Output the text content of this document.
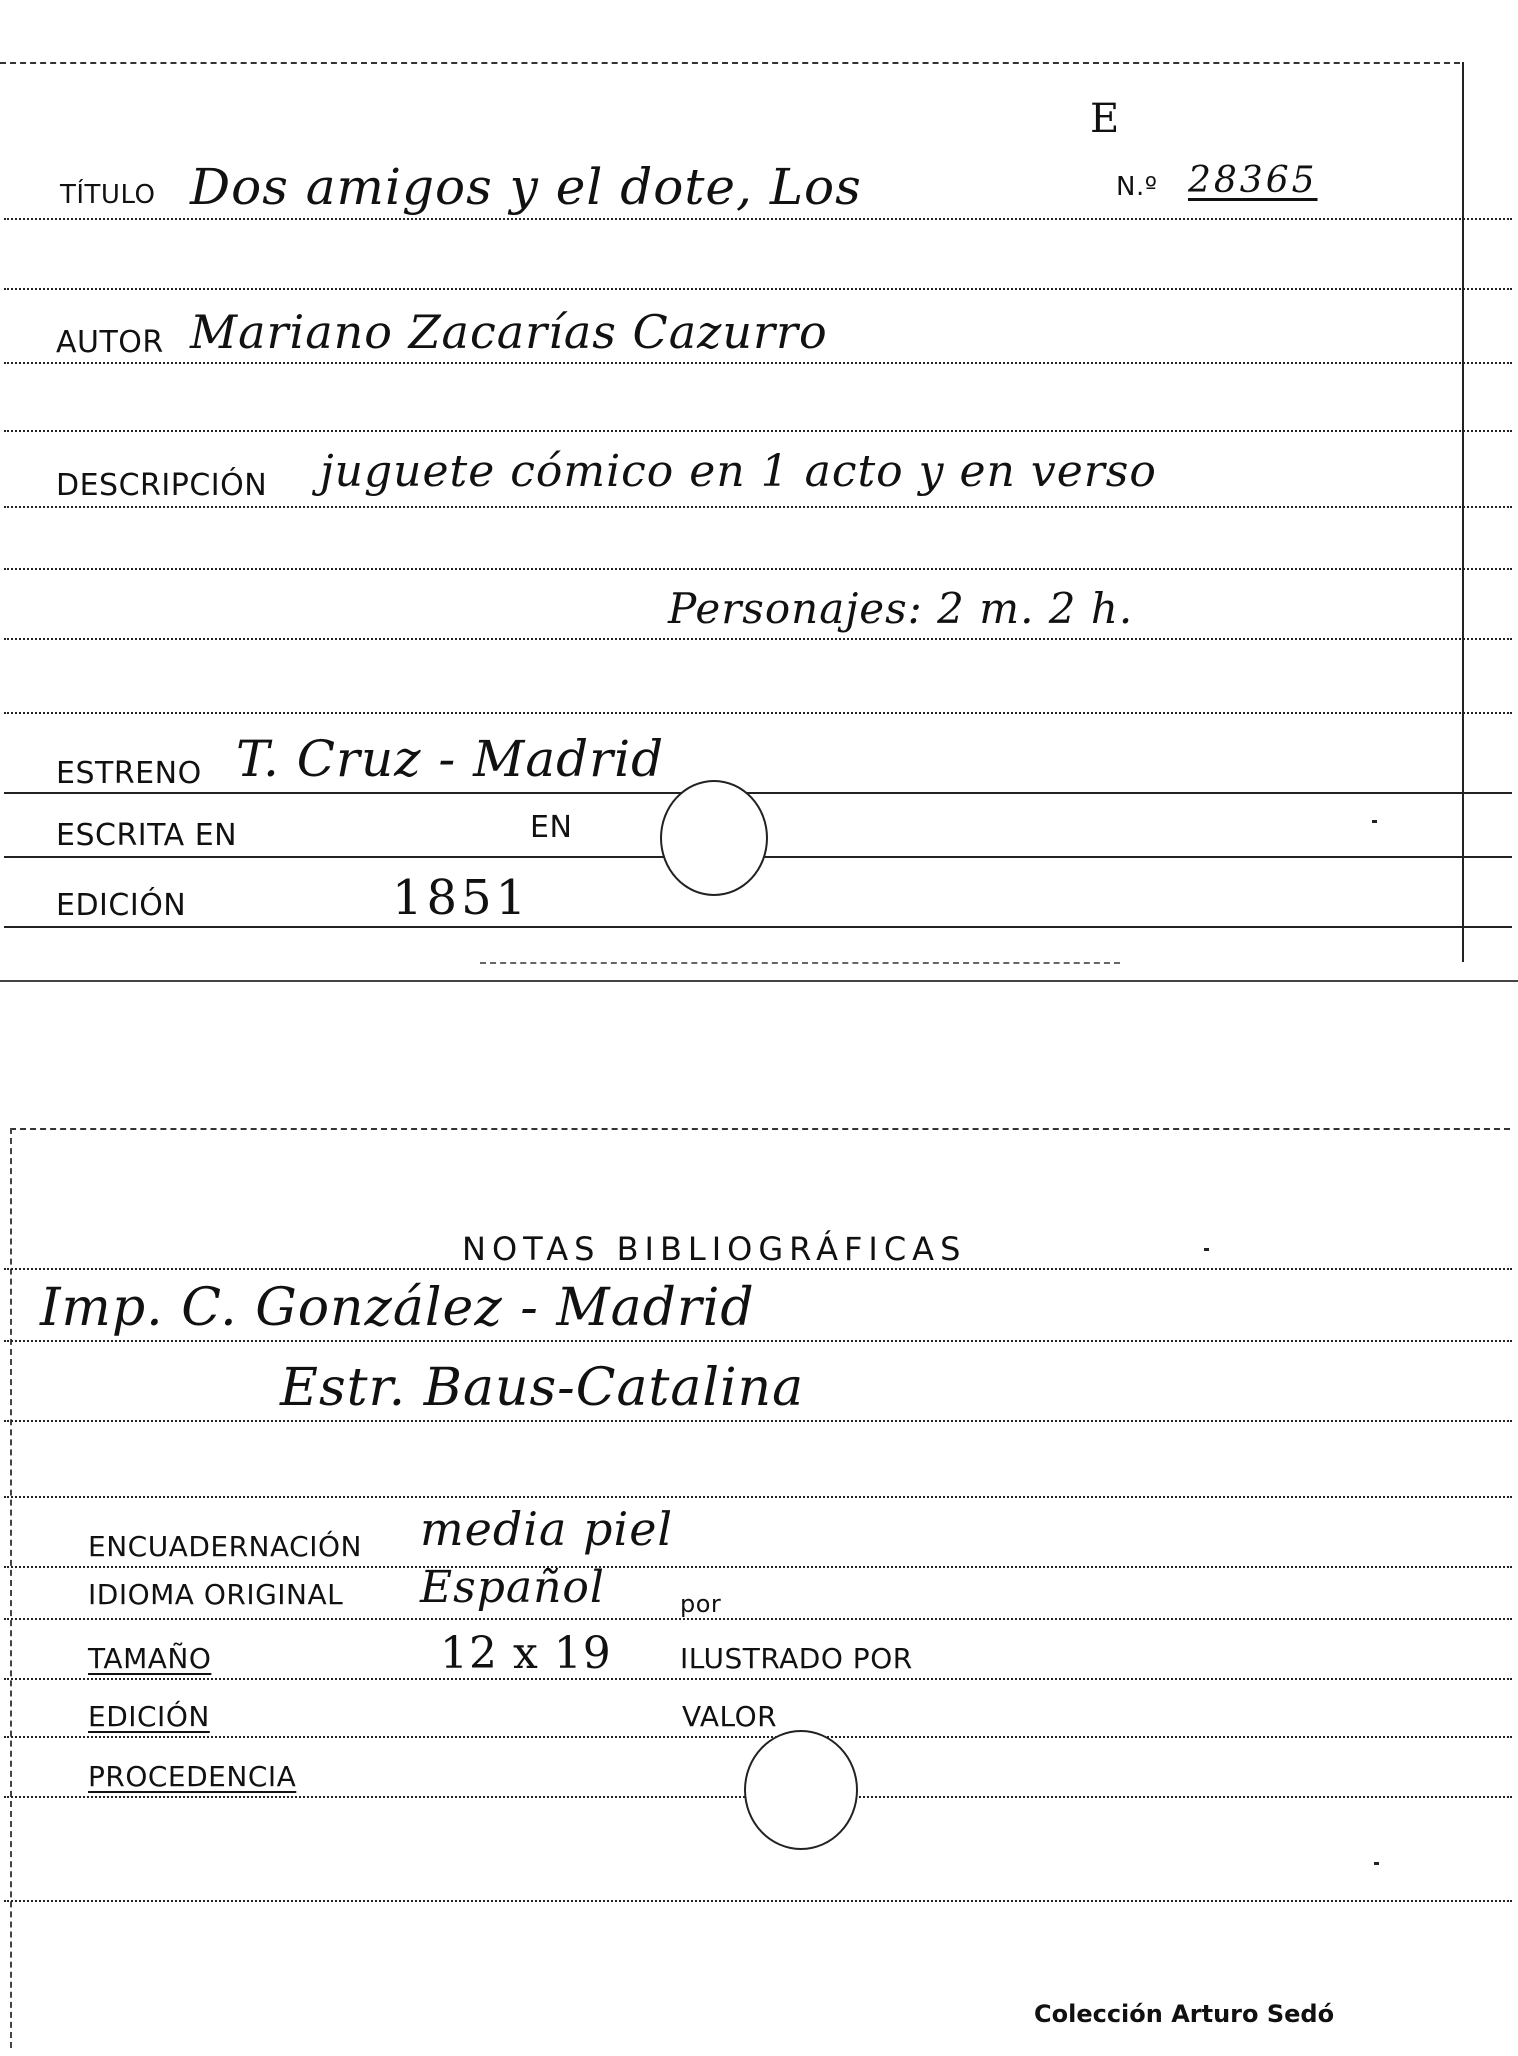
TÍTULO Dos amigos y el dote, Los
E
N.º 28365
AUTOR Mariano Zacarías Cazurro
DESCRIPCIÓN juguete cómico en 1 acto y en verso
Personajes: 2 m. 2 h.
ESTRENO T. Cruz - Madrid
ESCRITA EN	EN
EDICIÓN	1851
NOTAS BIBLIOGRÁFICAS
Imp. C. González - Madrid
Estr. Baus-Catalina
ENCUADERNACIÓN media piel
IDIOMA ORIGINAL Español	por
TAMAÑO	12 x 19 ILUSTRADO POR
EDICIÓN	VALOR
PROCEDENCIA
Colección Arturo Sedó
